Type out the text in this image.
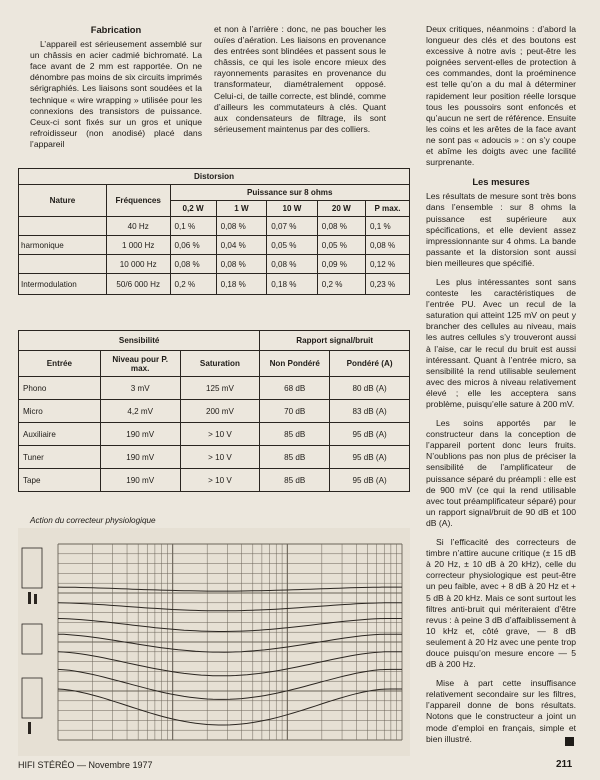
Fabrication

L’appareil est sérieusement assemblé sur un châssis en acier cadmié bichromaté. La face avant de 2 mm est rapportée. On ne dénombre pas moins de six circuits imprimés sérigraphiés. Les liaisons sont soudées et la technique « wire wrapping » utilisée pour les connexions des transistors de puissance. Ceux-ci sont fixés sur un gros et unique refroidisseur (non anodisé) placé dans l’appareil

et non à l’arrière : donc, ne pas boucher les ouïes d’aération. Les liaisons en provenance des entrées sont blindées et passent sous le châssis, ce qui les isole encore mieux des rayonnements parasites en provenance du transformateur, diamétralement opposé. Celui-ci, de taille correcte, est blindé, comme d’ailleurs les commutateurs à clés. Quant aux condensateurs de filtrage, ils sont sérieusement maintenus par des colliers.

Deux critiques, néanmoins : d’abord la longueur des clés et des boutons est excessive à notre avis ; peut-être les poignées servent-elles de protection à ces commandes, dont la proéminence est telle qu’on a du mal à déterminer rapidement leur position réelle lorsque tous les poussoirs sont enfoncés et qu’aucun ne sert de référence. Ensuite les coins et les arêtes de la face avant ne sont pas « adoucis » : on s’y coupe et abîme les doigts avec une facilité surprenante.

Les mesures

Les résultats de mesure sont très bons dans l’ensemble : sur 8 ohms la puissance est supérieure aux spécifications, et elle devient assez impressionnante sur 4 ohms. La bande passante et la distorsion sont aussi bien meilleures que spécifié.

Les plus intéressantes sont sans conteste les caractéristiques de l’entrée PU. Avec un recul de la saturation qui atteint 125 mV on peut y brancher des cellules au niveau, mais les autres cellules s’y trouveront aussi à l’aise, car le recul du bruit est aussi intéressant. Quant à l’entrée micro, sa sensibilité la rend utilisable seulement avec des micros à niveau relativement élevé ; elle les acceptera sans problème, puisqu’elle sature à 200 mV.

Les soins apportés par le constructeur dans la conception de l’appareil portent donc leurs fruits. N’oublions pas non plus de préciser la sensibilité de l’amplificateur de puissance séparé du préampli : elle est de 900 mV (ce qui la rend utilisable avec tout préamplificateur séparé) pour un rapport signal/bruit de 90 dB et 100 dB (A).

Si l’efficacité des correcteurs de timbre n’attire aucune critique (± 15 dB à 20 Hz, ± 10 dB à 20 kHz), celle du correcteur physiologique est peut-être un peu faible, avec + 8 dB à 20 Hz et + 5 dB à 20 kHz. Mais ce sont surtout les filtres anti-bruit qui mériteraient d’être revus : à peine 3 dB d’affaiblissement à 10 kHz et, côté grave, — 8 dB seulement à 20 Hz avec une pente trop douce puisqu’on mesure encore — 5 dB à 200 Hz.

Mise à part cette insuffisance relativement secondaire sur les filtres, l’appareil donne de bons résultats. Notons que le constructeur a joint un mode d’emploi en français, simple et bien illustré.

Distorsion						
Nature	Fréquences	Puissance sur 8 ohms				
		0,2 W	1 W	10 W	20 W	P max.
	40 Hz	0,1 %	0,08 %	0,07 %	0,08 %	0,1 %
harmonique	1 000 Hz	0,06 %	0,04 %	0,05 %	0,05 %	0,08 %
	10 000 Hz	0,08 %	0,08 %	0,08 %	0,09 %	0,12 %
Intermodulation	50/6 000 Hz	0,2 %	0,18 %	0,18 %	0,2 %	0,23 %
Sensibilité			Rapport signal/bruit	
Entrée	Niveau pour P. max.	Saturation	Non Pondéré	Pondéré (A)
Phono	3 mV	125 mV	68 dB	80 dB (A)
Micro	4,2 mV	200 mV	70 dB	83 dB (A)
Auxiliaire	190 mV	> 10 V	85 dB	95 dB (A)
Tuner	190 mV	> 10 V	85 dB	95 dB (A)
Tape	190 mV	> 10 V	85 dB	95 dB (A)
Action du correcteur physiologique
HIFI STÉRÉO — Novembre 1977	211
